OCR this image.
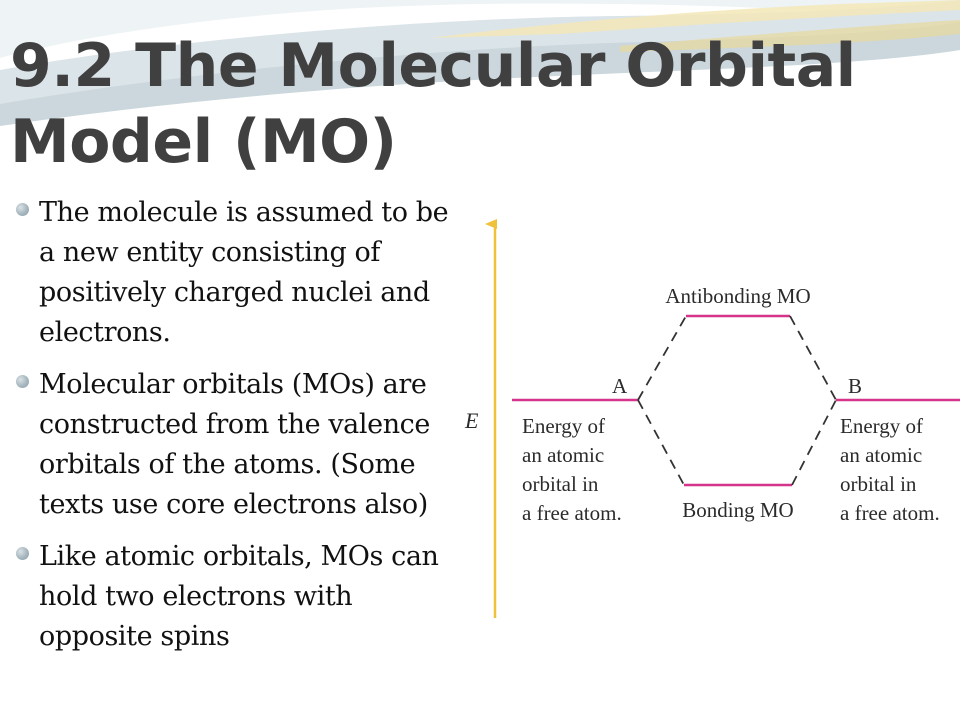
9.2 The Molecular Orbital Model (MO)
The molecule is assumed to be a new entity consisting of positively charged nuclei and electrons.
Molecular orbitals (MOs) are constructed from the valence orbitals of the atoms. (Some texts use core electrons also)
Like atomic orbitals, MOs can hold two electrons with opposite spins
E
Antibonding MO
Bonding MO
A	B
Energy of
an atomic
orbital in
a free atom.
Energy of
an atomic
orbital in
a free atom.
